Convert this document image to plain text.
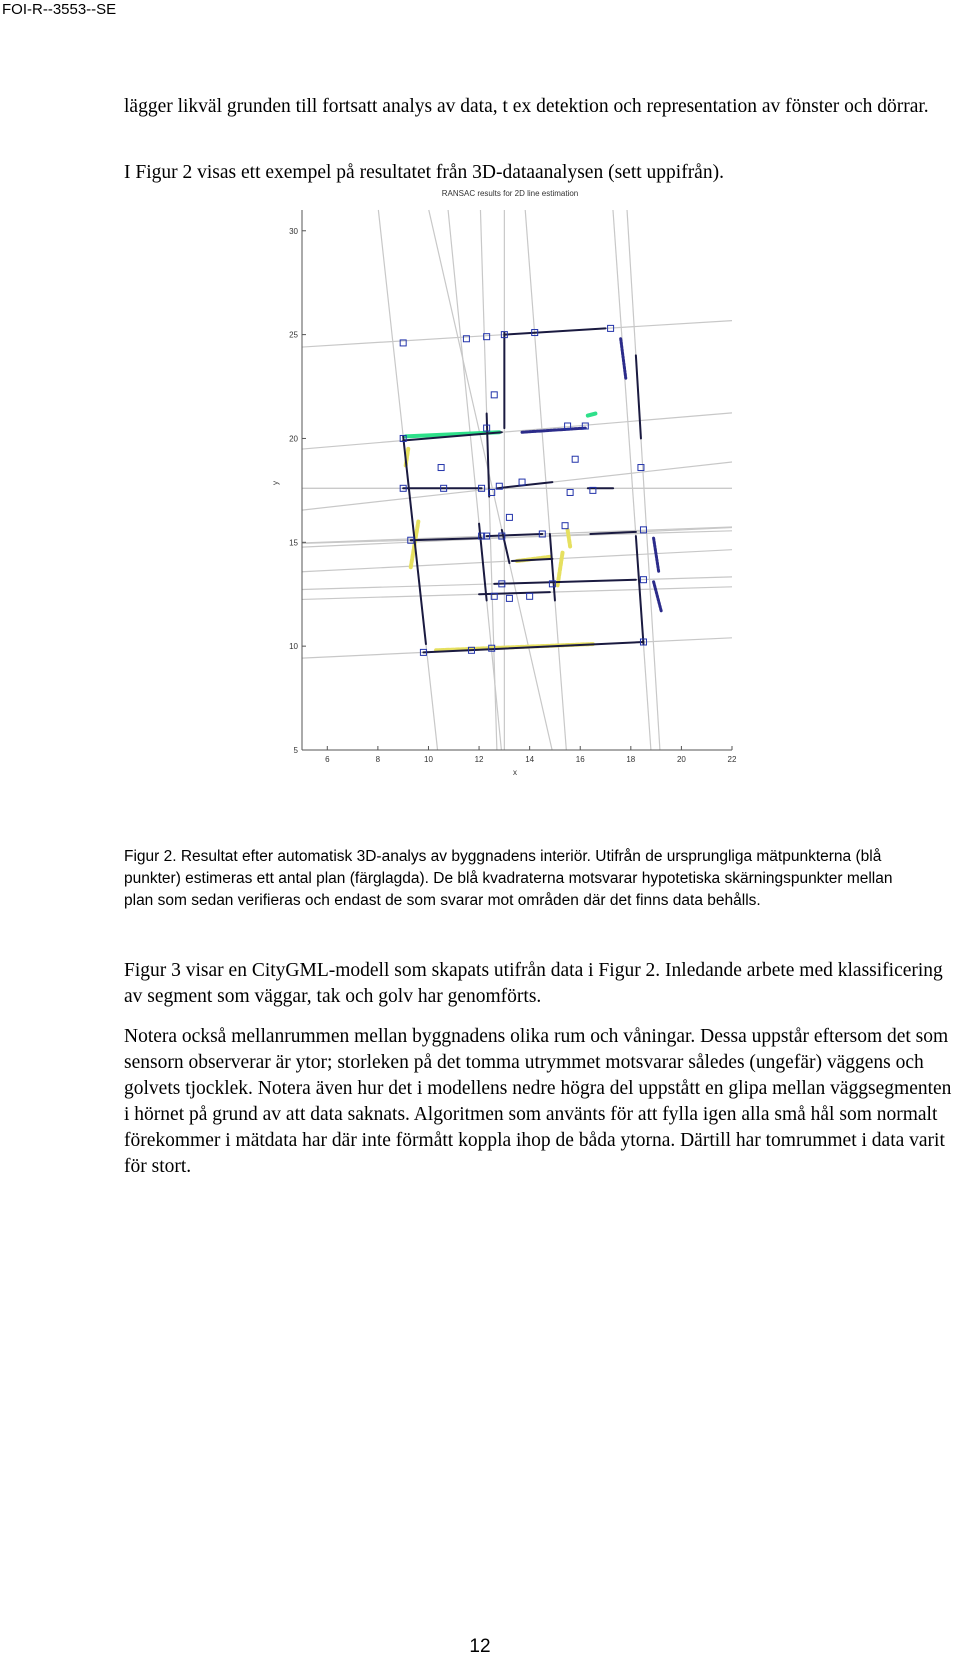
FOI-R--3553--SE

lägger likväl grunden till fortsatt analys av data, t ex detektion och representation av fönster och dörrar.

I Figur 2 visas ett exempel på resultatet från 3D-dataanalysen (sett uppifrån).

RANSAC results for 2D line estimation
6	8	10	12	14	16	18	20	22
5
10
15
20
25
30
x
y

Figur 2. Resultat efter automatisk 3D-analys av byggnadens interiör. Utifrån de ursprungliga mätpunkterna (blå punkter) estimeras ett antal plan (färglagda). De blå kvadraterna motsvarar hypotetiska skärningspunkter mellan plan som sedan verifieras och endast de som svarar mot områden där det finns data behålls.

Figur 3 visar en CityGML-modell som skapats utifrån data i Figur 2. Inledande arbete med klassificering av segment som väggar, tak och golv har genomförts.

Notera också mellanrummen mellan byggnadens olika rum och våningar. Dessa uppstår eftersom det som sensorn observerar är ytor; storleken på det tomma utrymmet motsvarar således (ungefär) väggens och golvets tjocklek. Notera även hur det i modellens nedre högra del uppstått en glipa mellan väggsegmenten i hörnet på grund av att data saknats. Algoritmen som använts för att fylla igen alla små hål som normalt förekommer i mätdata har där inte förmått koppla ihop de båda ytorna. Därtill har tomrummet i data varit för stort.

12
